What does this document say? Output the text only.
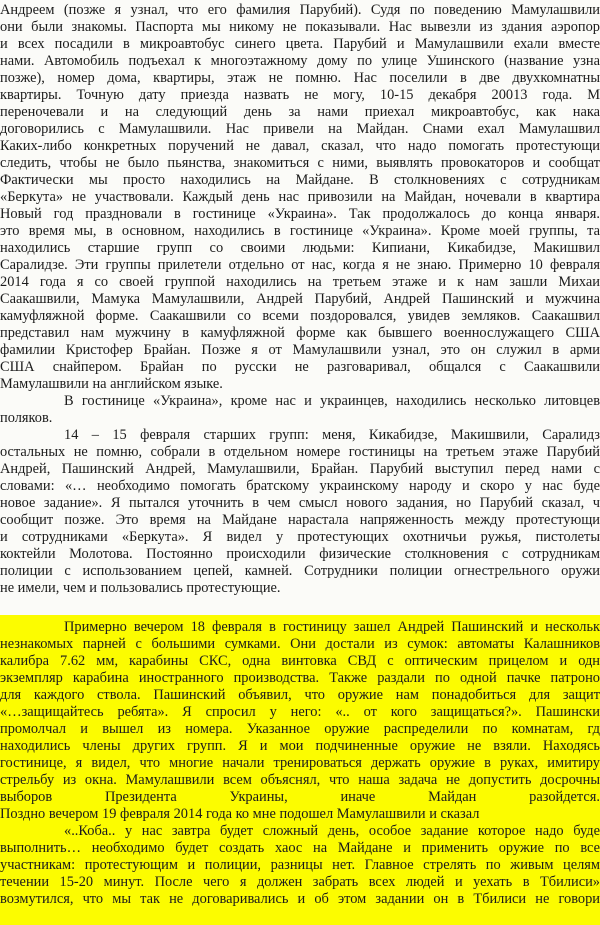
Андреем (позже я узнал, что его фамилия Парубий). Судя по поведению Мамулашвили
они были знакомы. Паспорта мы никому не показывали. Нас вывезли из здания аэропор
и всех посадили в микроавтобус синего цвета. Парубий и Мамулашвили ехали вместе
нами. Автомобиль подъехал к многоэтажному дому по улице Ушинского (название узна
позже), номер дома, квартиры, этаж не помню. Нас поселили в две двухкомнатны
квартиры. Точную дату приезда назвать не могу, 10-15 декабря 20013 года. М
переночевали и на следующий день за нами приехал микроавтобус, как нака
договорились с Мамулашвили. Нас привели на Майдан. Снами ехал Мамулашвил
Каких-либо конкретных поручений не давал, сказал, что надо помогать протестующи
следить, чтобы не было пьянства, знакомиться с ними, выявлять провокаторов и сообщат
Фактически мы просто находились на Майдане. В столкновениях с сотрудникам
«Беркута» не участвовали. Каждый день нас привозили на Майдан, ночевали в квартира
Новый год праздновали в гостинице «Украина». Так продолжалось до конца января.
это время мы, в основном, находились в гостинице «Украина». Кроме моей группы, та
находились старшие групп со своими людьми: Кипиани, Кикабидзе, Макишвил
Саралидзе. Эти группы прилетели отдельно от нас, когда я не знаю. Примерно 10 февраля
2014 года я со своей группой находились на третьем этаже и к нам зашли Михаи
Саакашвили, Мамука Мамулашвили, Андрей Парубий, Андрей Пашинский и мужчина
камуфляжной форме. Саакашвили со всеми поздоровался, увидев земляков. Саакашвил
представил нам мужчину в камуфляжной форме как бывшего военнослужащего США
фамилии Кристофер Брайан. Позже я от Мамулашвили узнал, это он служил в арми
США снайпером. Брайан по русски не разговаривал, общался с Саакашвили
Мамулашвили на английском языке.
В гостинице «Украина», кроме нас и украинцев, находились несколько литовцев
поляков.
14 – 15 февраля старших групп: меня, Кикабидзе, Макишвили, Саралидз
остальных не помню, собрали в отдельном номере гостиницы на третьем этаже Парубий
Андрей, Пашинский Андрей, Мамулашвили, Брайан. Парубий выступил перед нами с
словами: «… необходимо помогать братскому украинскому народу и скоро у нас буде
новое задание». Я пытался уточнить в чем смысл нового задания, но Парубий сказал, ч
сообщит позже. Это время на Майдане нарастала напряженность между протестующи
и сотрудниками «Беркута». Я видел у протестующих охотничьи ружья, пистолеты
коктейли Молотова. Постоянно происходили физические столкновения с сотрудникам
полиции с использованием цепей, камней. Сотрудники полиции огнестрельного оружи
не имели, чем и пользовались протестующие.
Примерно вечером 18 февраля в гостиницу зашел Андрей Пашинский и нескольк
незнакомых парней с большими сумками. Они достали из сумок: автоматы Калашников
калибра 7.62 мм, карабины СКС, одна винтовка СВД с оптическим прицелом и одн
экземпляр карабина иностранного производства. Также раздали по одной пачке патроно
для каждого ствола. Пашинский объявил, что оружие нам понадобиться для защит
«…защищайтесь ребята». Я спросил у него: «.. от кого защищаться?». Пашински
промолчал и вышел из номера. Указанное оружие распределили по комнатам, гд
находились члены других групп. Я и мои подчиненные оружие не взяли. Находясь
гостинице, я видел, что многие начали тренироваться держать оружие в руках, имитиру
стрельбу из окна. Мамулашвили всем объяснял, что наша задача не допустить досрочны
выборов Президента Украины, иначе Майдан разойдется.
Поздно вечером 19 февраля 2014 года ко мне подошел Мамулашвили и сказал
«..Коба.. у нас завтра будет сложный день, особое задание которое надо буде
выполнить… необходимо будет создать хаос на Майдане и применить оружие по все
участникам: протестующим и полиции, разницы нет. Главное стрелять по живым целям
течении 15-20 минут. После чего я должен забрать всех людей и уехать в Тбилиси»
возмутился, что мы так не договаривались и об этом задании он в Тбилиси не говори
